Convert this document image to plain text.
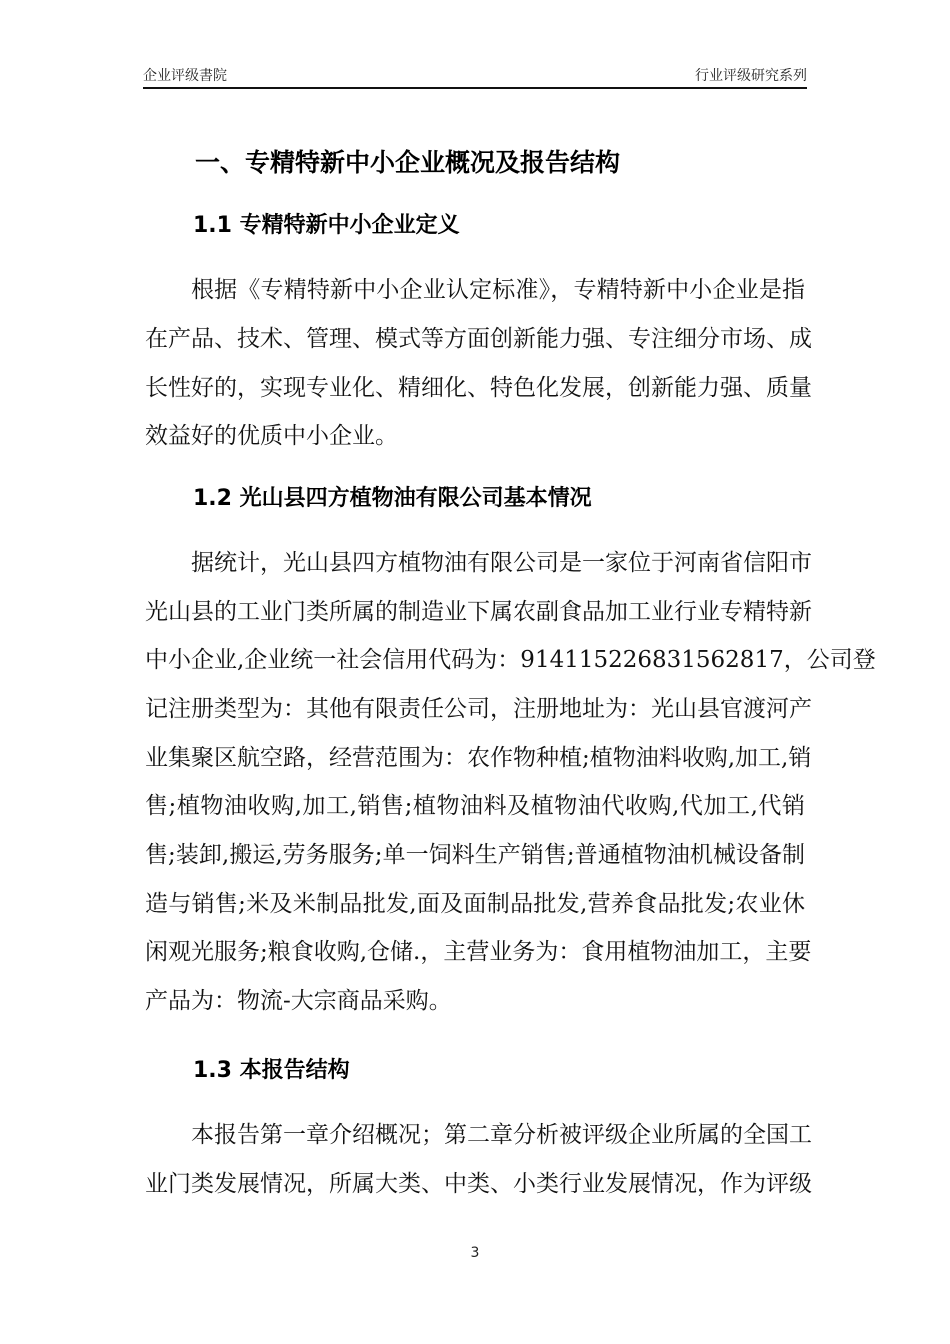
企业评级書院	行业评级研究系列
一、专精特新中小企业概况及报告结构
1.1 专精特新中小企业定义
根据《专精特新中小企业认定标准》，专精特新中小企业是指
在产品、技术、管理、模式等方面创新能力强、专注细分市场、成
长性好的，实现专业化、精细化、特色化发展，创新能力强、质量
效益好的优质中小企业。
1.2 光山县四方植物油有限公司基本情况
据统计，光山县四方植物油有限公司是一家位于河南省信阳市
光山县的工业门类所属的制造业下属农副食品加工业行业专精特新
中小企业,企业统一社会信用代码为：914115226831562817，公司登
记注册类型为：其他有限责任公司，注册地址为：光山县官渡河产
业集聚区航空路，经营范围为：农作物种植;植物油料收购,加工,销
售;植物油收购,加工,销售;植物油料及植物油代收购,代加工,代销
售;装卸,搬运,劳务服务;单一饲料生产销售;普通植物油机械设备制
造与销售;米及米制品批发,面及面制品批发,营养食品批发;农业休
闲观光服务;粮食收购,仓储.，主营业务为：食用植物油加工，主要
产品为：物流-大宗商品采购。
1.3 本报告结构
本报告第一章介绍概况；第二章分析被评级企业所属的全国工
业门类发展情况，所属大类、中类、小类行业发展情况，作为评级
3
